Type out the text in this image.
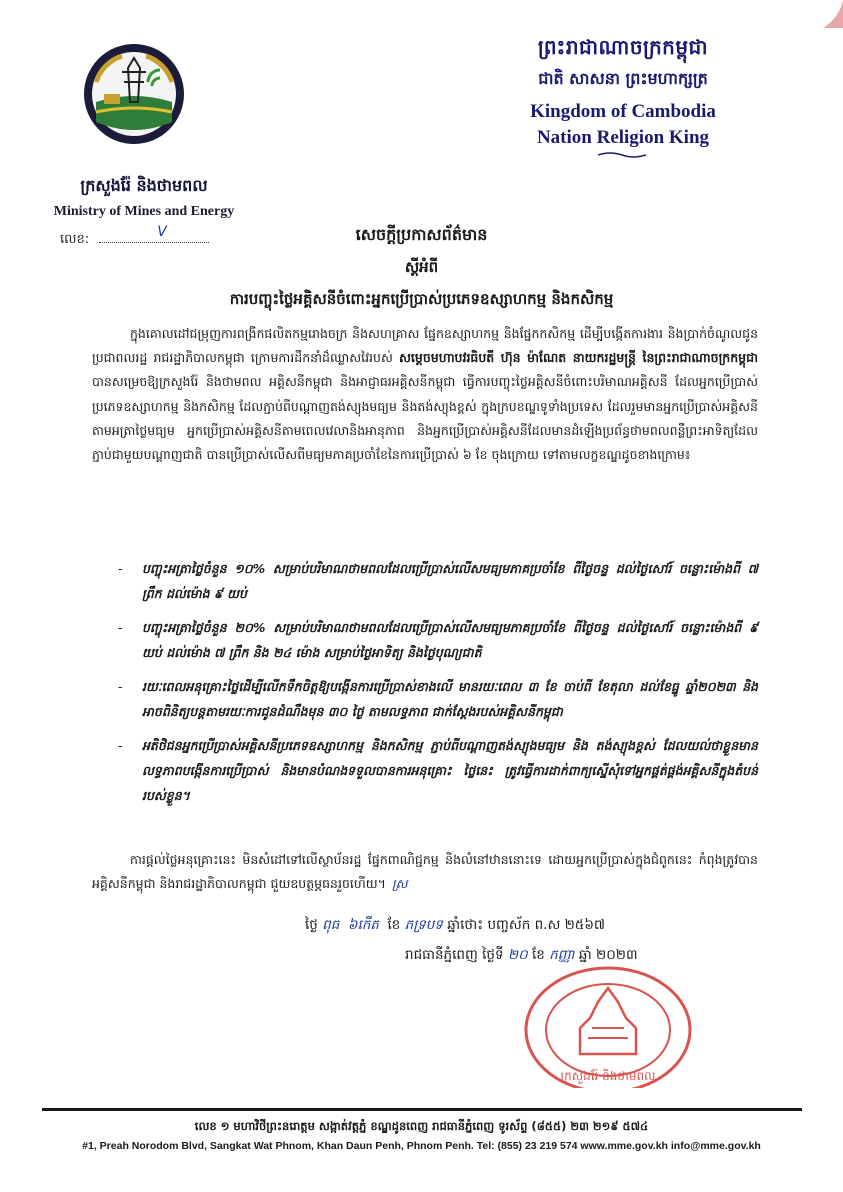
ក្រសួងរ៉ែ និងថាមពល
Ministry of Mines and Energy
លេខ:	V
ព្រះរាជាណាចក្រកម្ពុជា
ជាតិ សាសនា ព្រះមហាក្សត្រ
Kingdom of Cambodia
Nation Religion King
សេចក្តីប្រកាសព័ត៌មាន
ស្តីអំពី
ការបញ្ចុះថ្លៃអគ្គិសនីចំពោះអ្នកប្រើប្រាស់ប្រភេទឧស្សាហកម្ម និងកសិកម្ម

ក្នុងគោលដៅជម្រុញការពង្រីកផលិតកម្មរោងចក្រ និងសហគ្រាស ផ្នែកឧស្សាហកម្ម និងផ្នែកកសិកម្ម ដើម្បីបង្កើតការងារ និងប្រាក់ចំណូលជូនប្រជាពលរដ្ឋ រាជរដ្ឋាភិបាលកម្ពុជា ក្រោមការដឹកនាំដ៏ឈ្លាសវៃរបស់ សម្តេចមហាបវរធិបតី ហ៊ុន ម៉ាណែត នាយករដ្ឋមន្ត្រី នៃព្រះរាជាណាចក្រកម្ពុជា បានសម្រេចឱ្យក្រសួងរ៉ែ និងថាមពល អគ្គិសនីកម្ពុជា និងអាជ្ញាធរអគ្គិសនីកម្ពុជា ធ្វើការបញ្ចុះថ្លៃអគ្គិសនីចំពោះបរិមាណអគ្គិសនី ដែលអ្នកប្រើប្រាស់ប្រភេទឧស្សាហកម្ម និងកសិកម្ម ដែលភ្ជាប់ពីបណ្តាញតង់ស្យុងមធ្យម និងតង់ស្យុងខ្ពស់ ក្នុងក្របខណ្ឌទូទាំងប្រទេស ដែលរួមមានអ្នកប្រើប្រាស់អគ្គិសនីតាមអត្រាថ្លៃមធ្យម អ្នកប្រើប្រាស់អគ្គិសនីតាមពេលវេលានិងអានុភាព និងអ្នកប្រើប្រាស់អគ្គិសនីដែលមានដំឡើងប្រព័ន្ធថាមពលពន្លឺព្រះអាទិត្យដែលភ្ជាប់ជាមួយបណ្តាញជាតិ បានប្រើប្រាស់លើសពីមធ្យមភាគប្រចាំខែនៃការប្រើប្រាស់ ៦ ខែ ចុងក្រោយ ទៅតាមលក្ខខណ្ឌដូចខាងក្រោម៖

- បញ្ចុះអត្រាថ្លៃចំនួន ១០% សម្រាប់បរិមាណថាមពលដែលប្រើប្រាស់លើសមធ្យមភាគប្រចាំខែ ពីថ្ងៃចន្ទ ដល់ថ្ងៃសៅរ៍ ចន្លោះម៉ោងពី ៧ ព្រឹក ដល់ម៉ោង ៩ យប់
- បញ្ចុះអត្រាថ្លៃចំនួន ២០% សម្រាប់បរិមាណថាមពលដែលប្រើប្រាស់លើសមធ្យមភាគប្រចាំខែ ពីថ្ងៃចន្ទ ដល់ថ្ងៃសៅរ៍ ចន្លោះម៉ោងពី ៩ យប់ ដល់ម៉ោង ៧ ព្រឹក និង ២៤ ម៉ោង សម្រាប់ថ្ងៃអាទិត្យ និងថ្ងៃបុណ្យជាតិ
- រយៈពេលអនុគ្រោះថ្លៃដើម្បីលើកទឹកចិត្តឱ្យបង្កើនការប្រើប្រាស់ខាងលើ មានរយៈពេល ៣ ខែ ចាប់ពី ខែតុលា ដល់ខែធ្នូ ឆ្នាំ២០២៣ និងអាចពិនិត្យបន្តតាមរយៈការជូនដំណឹងមុន ៣០ ថ្ងៃ តាមលទ្ធភាព ជាក់ស្តែងរបស់អគ្គិសនីកម្ពុជា
- អតិថិជនអ្នកប្រើប្រាស់អគ្គិសនីប្រភេទឧស្សាហកម្ម និងកសិកម្ម ភ្ជាប់ពីបណ្តាញតង់ស្យុងមធ្យម និង តង់ស្យុងខ្ពស់ ដែលយល់ថាខ្លួនមានលទ្ធភាពបង្កើនការប្រើប្រាស់ និងមានបំណងទទួលបានការអនុគ្រោះ ថ្លៃនេះ ត្រូវធ្វើការដាក់ពាក្យស្នើសុំទៅអ្នកផ្គត់ផ្គង់អគ្គិសនីក្នុងតំបន់របស់ខ្លួន។

ការផ្តល់ថ្លៃអនុគ្រោះនេះ មិនសំដៅទៅលើស្ថាប័នរដ្ឋ ផ្នែកពាណិជ្ជកម្ម និងលំនៅឋាននោះទេ ដោយអ្នកប្រើប្រាស់ក្នុងជំពូកនេះ កំពុងត្រូវបានអគ្គិសនីកម្ពុជា និងរាជរដ្ឋាភិបាលកម្ពុជា ជួយឧបត្ថម្ភធនរួចហើយ។ ស្រ

ថ្ងៃ ពុធ ៦កើត ខែ ភទ្របទ ឆ្នាំថោះ បញ្ចស័ក ព.ស ២៥៦៧
រាជធានីភ្នំពេញ ថ្ងៃទី ២០ ខែ កញ្ញា ឆ្នាំ ២០២៣
ក្រសួងរ៉ែ និងថាមពល
លេខ ១ មហាវិថីព្រះនរោត្តម សង្កាត់វត្តភ្នំ ខណ្ឌដូនពេញ រាជធានីភ្នំពេញ ទូរស័ព្ទ (៨៥៥) ២៣ ២១៩ ៥៧៤
#1, Preah Norodom Blvd, Sangkat Wat Phnom, Khan Daun Penh, Phnom Penh. Tel: (855) 23 219 574 www.mme.gov.kh info@mme.gov.kh
